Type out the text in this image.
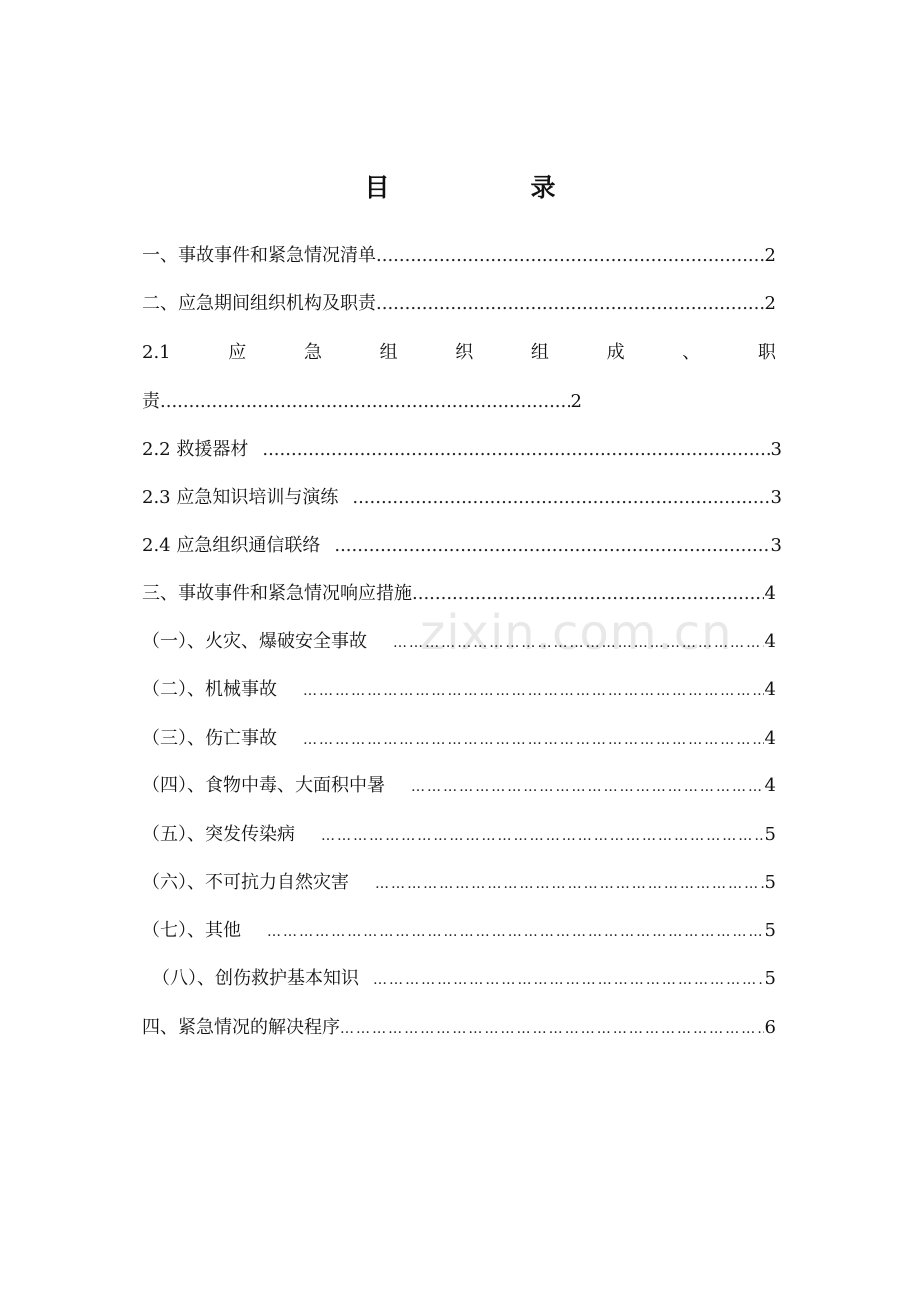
目　录
zixin.com.cn
一、事故事件和紧急情况清单 .....	2
二、应急期间组织机构及职责 .....	2
2.1	应	急	组	织	组	成	、	职
责 .....	2
2.2 救援器材 .....	3
2.3 应急知识培训与演练 .....	3
2.4 应急组织通信联络 .....	3
三、事故事件和紧急情况响应措施 .....	4
（一）、火灾、爆破安全事故 … … … … … … … … … … … … … … … … … … … … … … … … … … … … … … … … … … … … … … … … … … … … … … …	4
（二）、机械事故 … … … … … … … … … … … … … … … … … … … … … … … … … … … … … … … … … … … … … … … … … … … … … … …	4
（三）、伤亡事故 … … … … … … … … … … … … … … … … … … … … … … … … … … … … … … … … … … … … … … … … … … … … … … …	4
（四）、食物中毒、大面积中暑 … … … … … … … … … … … … … … … … … … … … … … … … … … … … … … … … … … … … … … … … … … … … … … …	4
（五）、突发传染病 … … … … … … … … … … … … … … … … … … … … … … … … … … … … … … … … … … … … … … … … … … … … … … …	5
（六）、不可抗力自然灾害 … … … … … … … … … … … … … … … … … … … … … … … … … … … … … … … … … … … … … … … … … … … … … … …	5
（七）、其他 … … … … … … … … … … … … … … … … … … … … … … … … … … … … … … … … … … … … … … … … … … … … … … …	5
（八）、创伤救护基本知识 … … … … … … … … … … … … … … … … … … … … … … … … … … … … … … … … … … … … … … … … … … … … … … …	5
四、紧急情况的解决程序 … … … … … … … … … … … … … … … … … … … … … … … … … … … … … … … … … … … … … … … … … … … … … … …	6
